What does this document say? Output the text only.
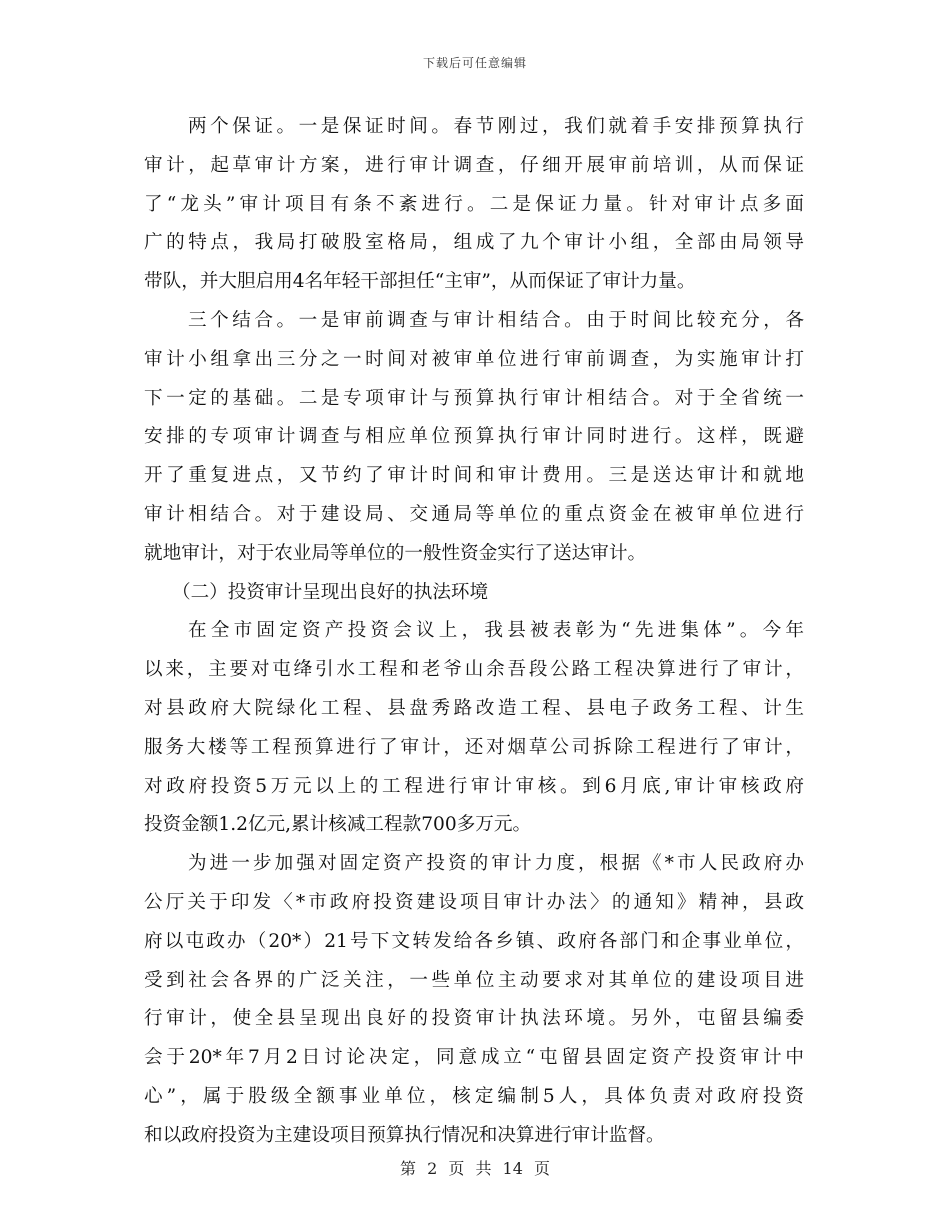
下载后可任意编辑
两个保证。一是保证时间。春节刚过，我们就着手安排预算执行
审计，起草审计方案，进行审计调查，仔细开展审前培训，从而保证
了“龙头”审计项目有条不紊进行。二是保证力量。针对审计点多面
广的特点，我局打破股室格局，组成了九个审计小组，全部由局领导
带队，并大胆启用4名年轻干部担任“主审”，从而保证了审计力量。
三个结合。一是审前调查与审计相结合。由于时间比较充分，各
审计小组拿出三分之一时间对被审单位进行审前调查，为实施审计打
下一定的基础。二是专项审计与预算执行审计相结合。对于全省统一
安排的专项审计调查与相应单位预算执行审计同时进行。这样，既避
开了重复进点，又节约了审计时间和审计费用。三是送达审计和就地
审计相结合。对于建设局、交通局等单位的重点资金在被审单位进行
就地审计，对于农业局等单位的一般性资金实行了送达审计。
（二）投资审计呈现出良好的执法环境
在全市固定资产投资会议上，我县被表彰为“先进集体”。今年
以来，主要对屯绛引水工程和老爷山余吾段公路工程决算进行了审计，
对县政府大院绿化工程、县盘秀路改造工程、县电子政务工程、计生
服务大楼等工程预算进行了审计，还对烟草公司拆除工程进行了审计，
对政府投资5万元以上的工程进行审计审核。到6月底,审计审核政府
投资金额1.2亿元,累计核减工程款700多万元。
为进一步加强对固定资产投资的审计力度，根据《*市人民政府办
公厅关于印发〈*市政府投资建设项目审计办法〉的通知》精神，县政
府以屯政办（20*）21号下文转发给各乡镇、政府各部门和企事业单位，
受到社会各界的广泛关注，一些单位主动要求对其单位的建设项目进
行审计，使全县呈现出良好的投资审计执法环境。另外，屯留县编委
会于20*年7月2日讨论决定，同意成立“屯留县固定资产投资审计中
心”，属于股级全额事业单位，核定编制5人，具体负责对政府投资
和以政府投资为主建设项目预算执行情况和决算进行审计监督。
第 2 页 共 14 页
